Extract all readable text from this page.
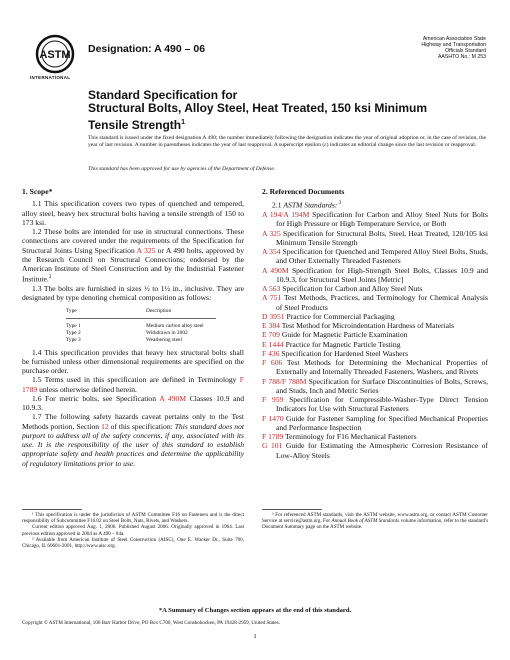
ASTM
INTERNATIONAL
Designation: A 490 – 06
American Association State
Highway and Transportation
Officials Standard
AASHTO No.: M 253
Standard Specification for
Structural Bolts, Alloy Steel, Heat Treated, 150 ksi Minimum
Tensile Strength$^1$
This standard is issued under the fixed designation A 490; the number immediately following the designation indicates the year of original adoption or, in the case of revision, the year of last revision. A number in parentheses indicates the year of last reapproval. A superscript epsilon (ε) indicates an editorial change since the last revision or reapproval.
This standard has been approved for use by agencies of the Department of Defense.

1. Scope*

1.1 This specification covers two types of quenched and tempered, alloy steel, heavy hex structural bolts having a tensile strength of 150 to 173 ksi.

1.2 These bolts are intended for use in structural connections. These connections are covered under the requirements of the Specification for Structural Joints Using Specification A 325 or A 490 bolts, approved by the Research Council on Structural Connections; endorsed by the American Institute of Steel Construction and by the Industrial Fastener Institute.$^2$

1.3 The bolts are furnished in sizes ½ to 1½ in., inclusive. They are designated by type denoting chemical composition as follows:

Type	Description
Type 1	Medium carbon alloy steel
Type 2	Withdrawn in 2002
Type 3	Weathering steel

1.4 This specification provides that heavy hex structural bolts shall be furnished unless other dimensional requirements are specified on the purchase order.

1.5 Terms used in this specification are defined in Terminology F 1789 unless otherwise defined herein.

1.6 For metric bolts, see Specification A 490M Classes 10.9 and 10.9.3.

1.7 The following safety hazards caveat pertains only to the Test Methods portion, Section 12 of this specification: This standard does not purport to address all of the safety concerns, if any, associated with its use. It is the responsibility of the user of this standard to establish appropriate safety and health practices and determine the applicability of regulatory limitations prior to use.

2. Referenced Documents

2.1 ASTM Standards: $^3$

A 194/A 194M Specification for Carbon and Alloy Steel Nuts for Bolts for High Pressure or High Temperature Service, or Both

A 325 Specification for Structural Bolts, Steel, Heat Treated, 120/105 ksi Minimum Tensile Strength

A 354 Specification for Quenched and Tempered Alloy Steel Bolts, Studs, and Other Externally Threaded Fasteners

A 490M Specification for High-Strength Steel Bolts, Classes 10.9 and 10.9.3, for Structural Steel Joints [Metric]

A 563 Specification for Carbon and Alloy Steel Nuts

A 751 Test Methods, Practices, and Terminology for Chemical Analysis of Steel Products

D 3951 Practice for Commercial Packaging

E 384 Test Method for Microindentation Hardness of Materials

E 709 Guide for Magnetic Particle Examination

E 1444 Practice for Magnetic Particle Testing

F 436 Specification for Hardened Steel Washers

F 606 Test Methods for Determining the Mechanical Properties of Externally and Internally Threaded Fasteners, Washers, and Rivets

F 788/F 788M Specification for Surface Discontinuities of Bolts, Screws, and Studs, Inch and Metric Series

F 959 Specification for Compressible-Washer-Type Direct Tension Indicators for Use with Structural Fasteners

F 1470 Guide for Fastener Sampling for Specified Mechanical Properties and Performance Inspection

F 1789 Terminology for F16 Mechanical Fasteners

G 101 Guide for Estimating the Atmospheric Corrosion Resistance of Low-Alloy Steels

¹ This specification is under the jurisdiction of ASTM Committee F16 on Fasteners and is the direct responsibility of Subcommittee F16.02 on Steel Bolts, Nuts, Rivets, and Washers.

Current edition approved Aug. 1, 2006. Published August 2006. Originally approved in 1964. Last previous edition approved in 2004 as A 490 – 04a.

² Available from American Institute of Steel Construction (AISC), One E. Wacker Dr., Suite 700, Chicago, IL 60601-2001, http://www.aisc.org.

³ For referenced ASTM standards, visit the ASTM website, www.astm.org, or contact ASTM Customer Service at service@astm.org. For Annual Book of ASTM Standards volume information, refer to the standard's Document Summary page on the ASTM website.

*A Summary of Changes section appears at the end of this standard.
Copyright © ASTM International, 100 Barr Harbor Drive, PO Box C700, West Conshohocken, PA 19428-2959, United States.
1
